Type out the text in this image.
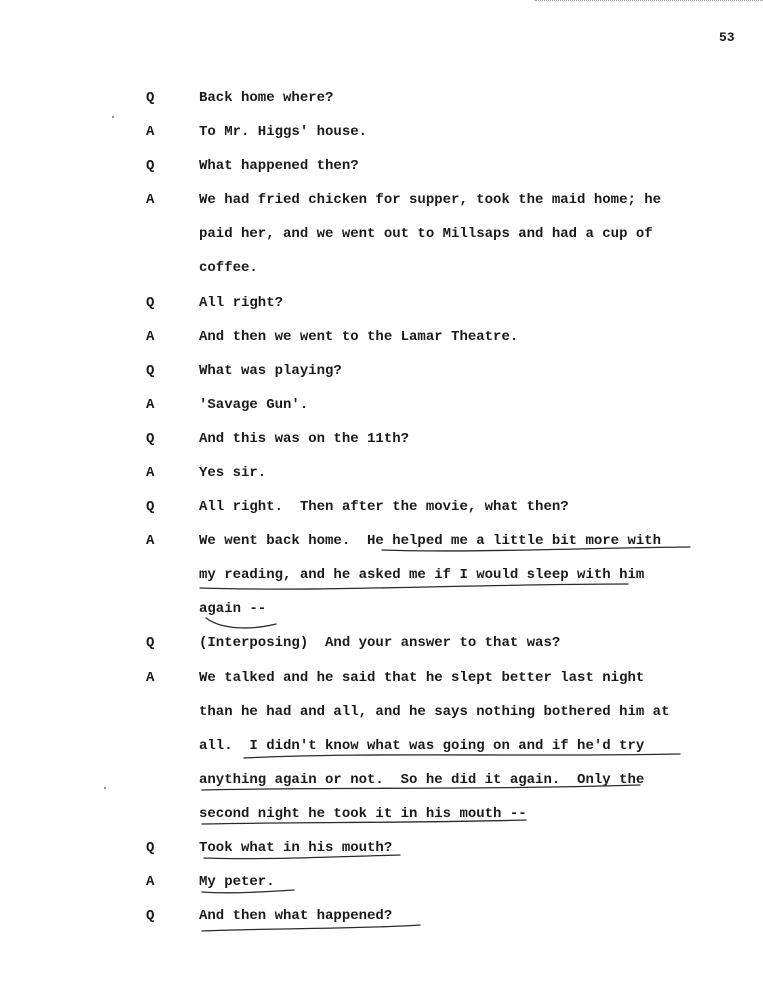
53
Q	Back home where?
A	To Mr. Higgs' house.
Q	What happened then?
A	We had fried chicken for supper, took the maid home; he
paid her, and we went out to Millsaps and had a cup of
coffee.
Q	All right?
A	And then we went to the Lamar Theatre.
Q	What was playing?
A	'Savage Gun'.
Q	And this was on the 11th?
A	Yes sir.
Q	All right.  Then after the movie, what then?
A	We went back home.  He helped me a little bit more with
my reading, and he asked me if I would sleep with him
again --
Q	(Interposing)  And your answer to that was?
A	We talked and he said that he slept better last night
than he had and all, and he says nothing bothered him at
all.  I didn't know what was going on and if he'd try
anything again or not.  So he did it again.  Only the
second night he took it in his mouth --
Q	Took what in his mouth?
A	My peter.
Q	And then what happened?
